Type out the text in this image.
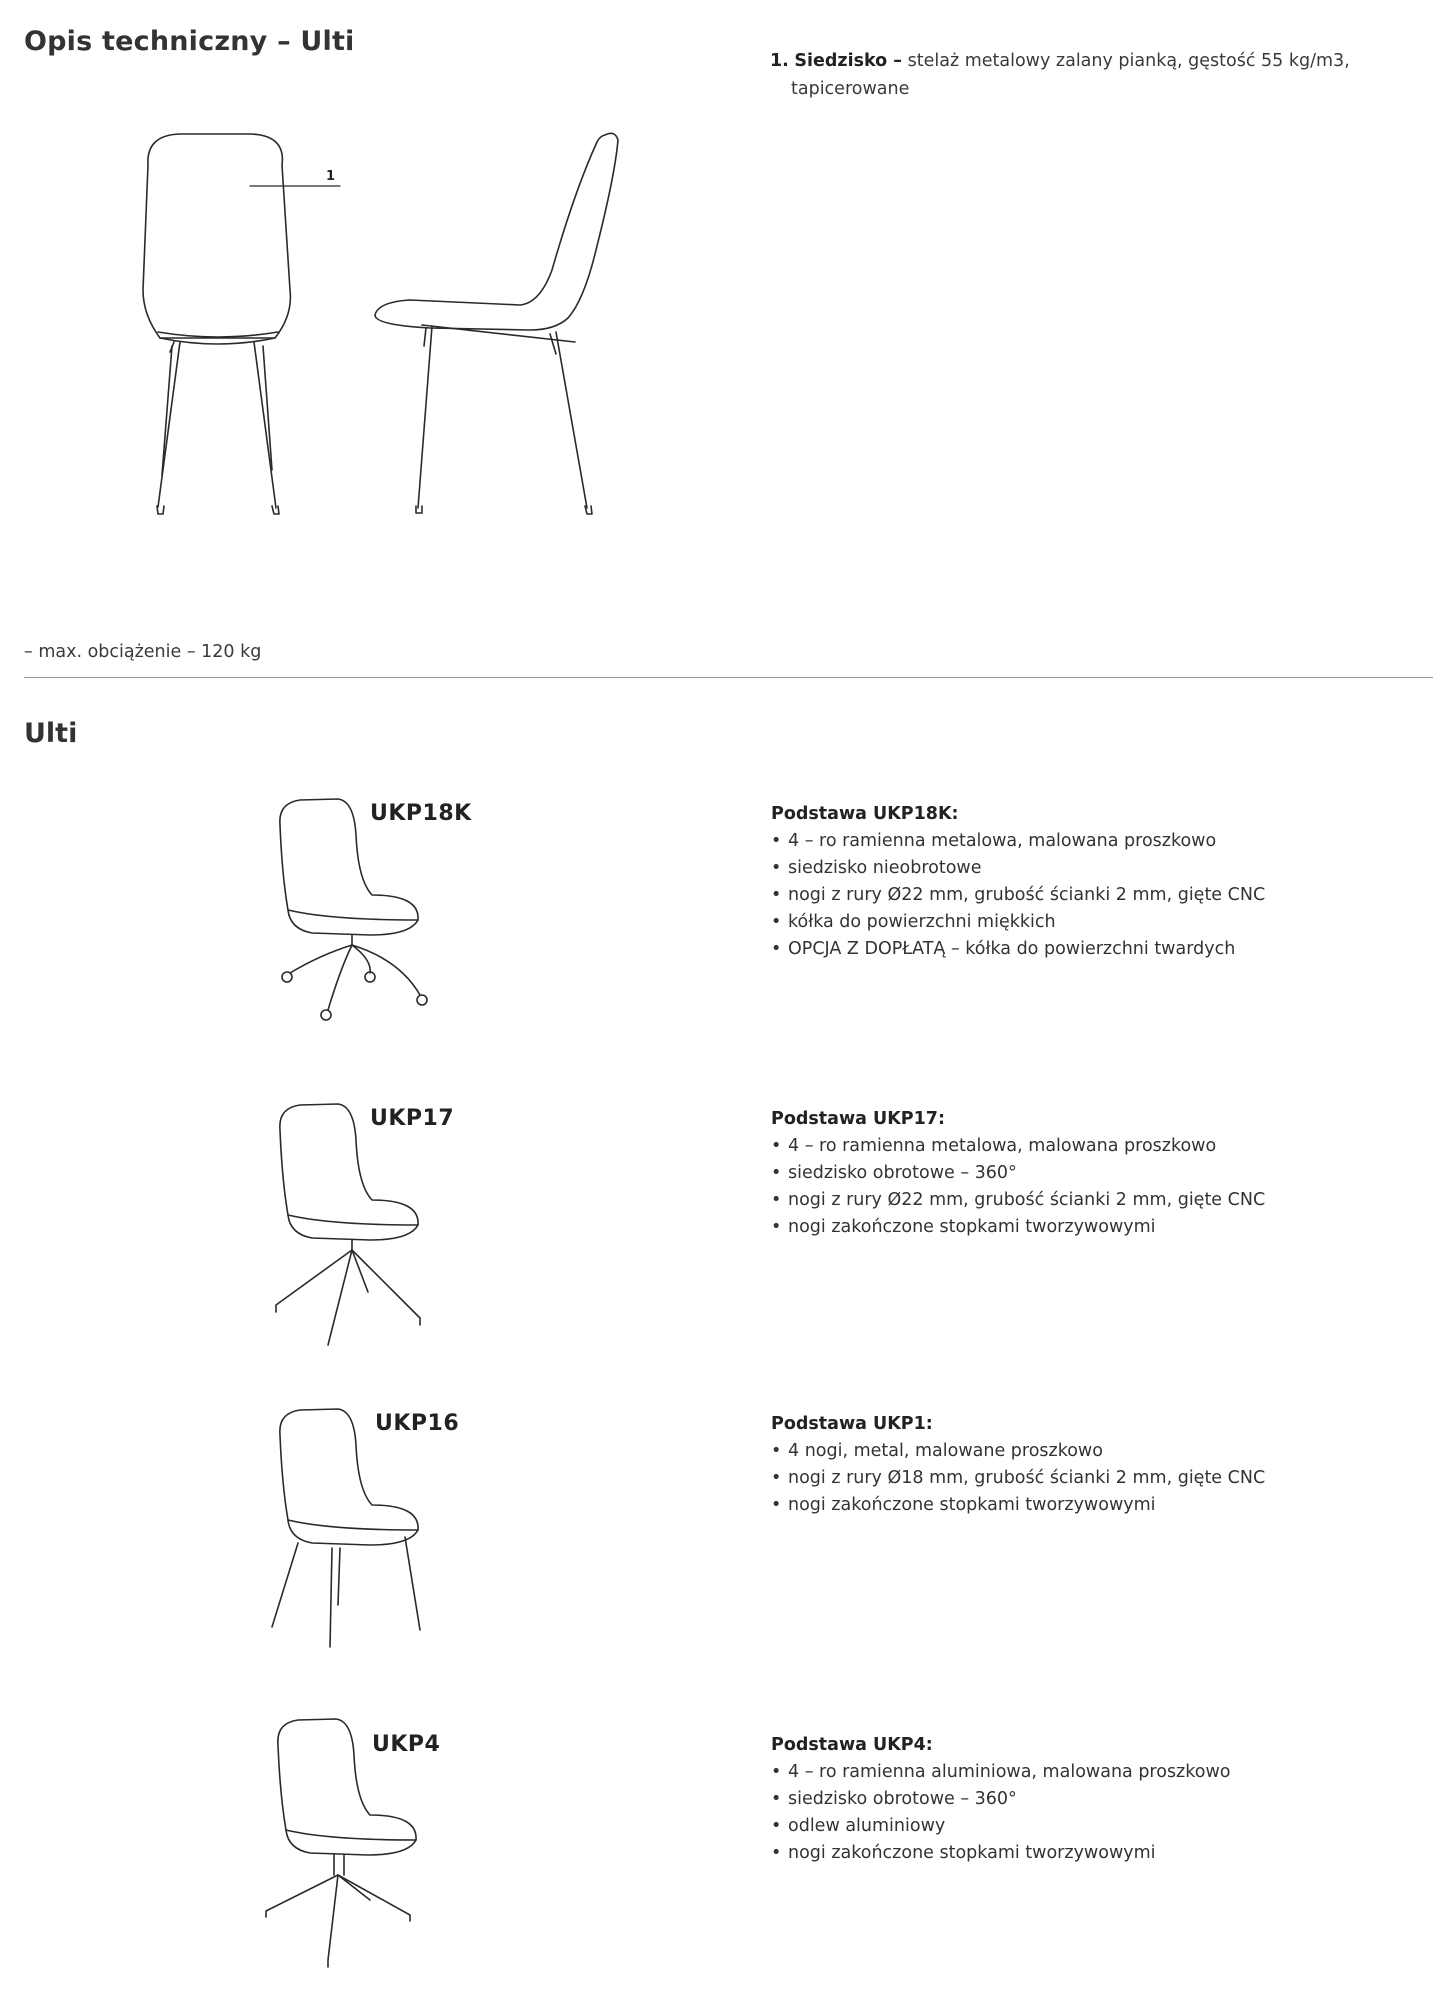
Opis techniczny – Ulti
1. Siedzisko – stelaż metalowy zalany pianką, gęstość 55 kg/m3,
tapicerowane
1
– max. obciążenie – 120 kg
Ulti
UKP18K	Podstawa UKP18K:
• 4 – ro ramienna metalowa, malowana proszkowo
• siedzisko nieobrotowe
• nogi z rury Ø22 mm, grubość ścianki 2 mm, gięte CNC
• kółka do powierzchni miękkich
• OPCJA Z DOPŁATĄ – kółka do powierzchni twardych
UKP17	Podstawa UKP17:
• 4 – ro ramienna metalowa, malowana proszkowo
• siedzisko obrotowe – 360°
• nogi z rury Ø22 mm, grubość ścianki 2 mm, gięte CNC
• nogi zakończone stopkami tworzywowymi
UKP16	Podstawa UKP1:
• 4 nogi, metal, malowane proszkowo
• nogi z rury Ø18 mm, grubość ścianki 2 mm, gięte CNC
• nogi zakończone stopkami tworzywowymi
UKP4	Podstawa UKP4:
• 4 – ro ramienna aluminiowa, malowana proszkowo
• siedzisko obrotowe – 360°
• odlew aluminiowy
• nogi zakończone stopkami tworzywowymi
